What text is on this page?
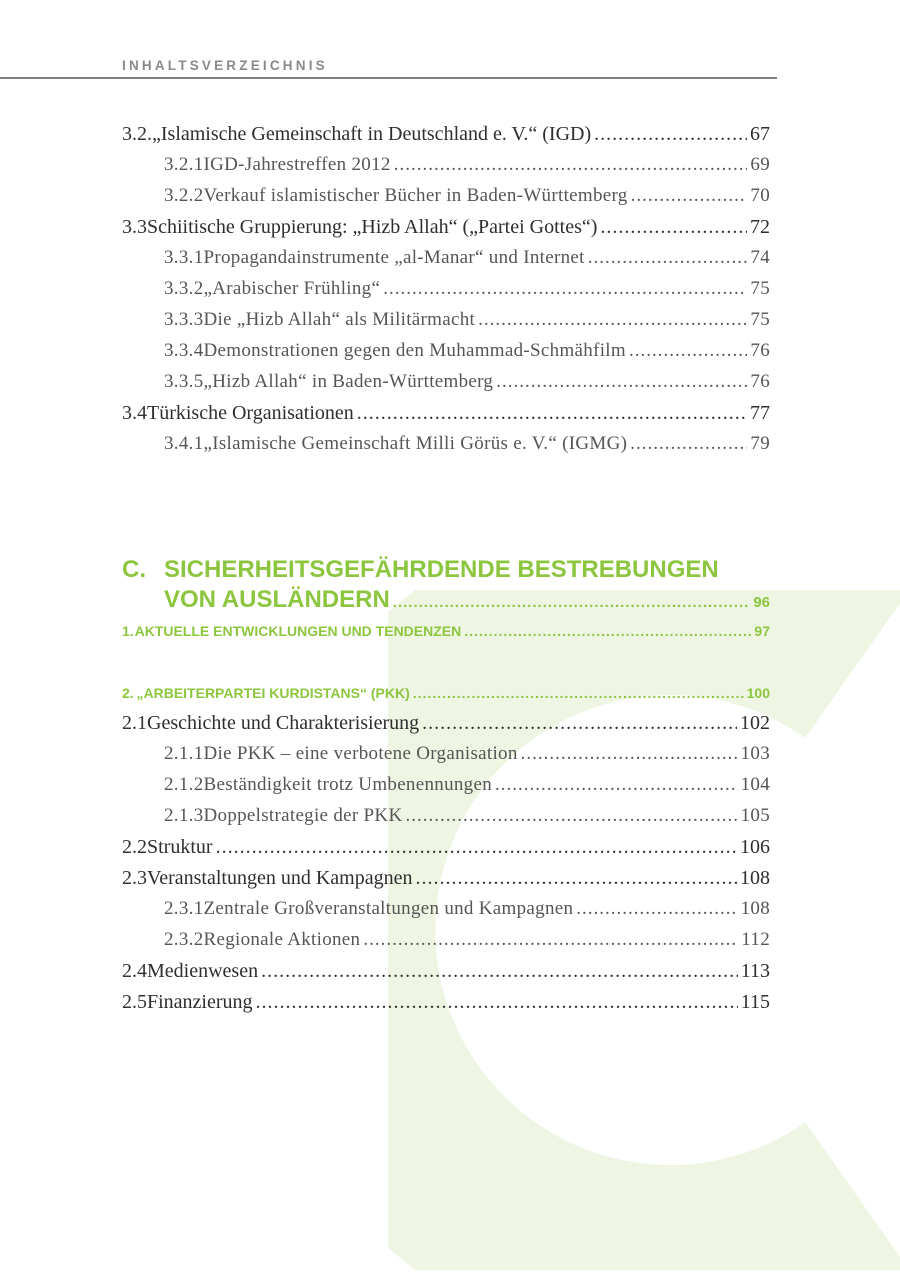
INHALTSVERZEICHNIS
3.2. „Islamische Gemeinschaft in Deutschland e. V.“ (IGD) .....	67
3.2.1 IGD-Jahrestreffen 2012 .....	69
3.2.2 Verkauf islamistischer Bücher in Baden-Württemberg .....	70
3.3 Schiitische Gruppierung: „Hizb Allah“ („Partei Gottes“) .....	72
3.3.1 Propagandainstrumente „al-Manar“ und Internet .....	74
3.3.2 „Arabischer Frühling“ .....	75
3.3.3 Die „Hizb Allah“ als Militärmacht .....	75
3.3.4 Demonstrationen gegen den Muhammad-Schmähfilm .....	76
3.3.5 „Hizb Allah“ in Baden-Württemberg .....	76
3.4 Türkische Organisationen .....	77
3.4.1 „Islamische Gemeinschaft Milli Görüs e. V.“ (IGMG) .....	79
C. SICHERHEITSGEFÄHRDENDE BESTREBUNGEN
VON AUSLÄNDERN .....	96
1. AKTUELLE ENTWICKLUNGEN UND TENDENZEN .....	97
2. „ARBEITERPARTEI KURDISTANS“ (PKK) .....	100
2.1 Geschichte und Charakterisierung .....	102
2.1.1 Die PKK – eine verbotene Organisation .....	103
2.1.2 Beständigkeit trotz Umbenennungen .....	104
2.1.3 Doppelstrategie der PKK .....	105
2.2 Struktur .....	106
2.3 Veranstaltungen und Kampagnen .....	108
2.3.1 Zentrale Großveranstaltungen und Kampagnen .....	108
2.3.2 Regionale Aktionen .....	112
2.4 Medienwesen .....	113
2.5 Finanzierung .....	115
